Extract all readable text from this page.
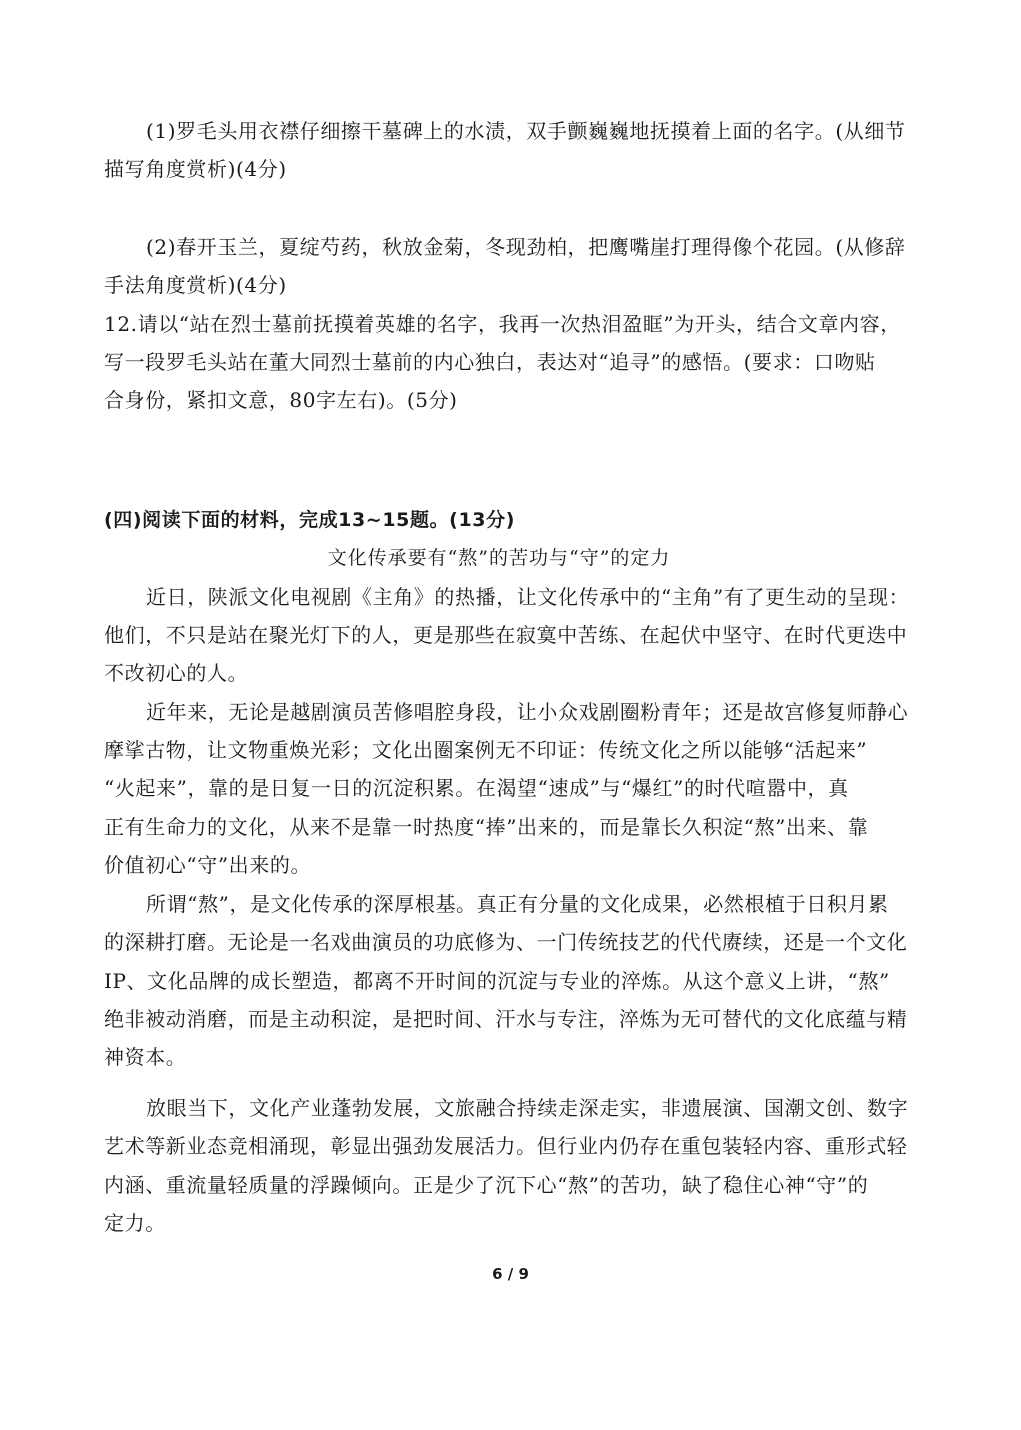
(1)罗毛头用衣襟仔细擦干墓碑上的水渍，双手颤巍巍地抚摸着上面的名字。(从细节
描写角度赏析)(4分)
(2)春开玉兰，夏绽芍药，秋放金菊，冬现劲柏，把鹰嘴崖打理得像个花园。(从修辞
手法角度赏析)(4分)
12.请以“站在烈士墓前抚摸着英雄的名字，我再一次热泪盈眶”为开头，结合文章内容，
写一段罗毛头站在董大同烈士墓前的内心独白，表达对“追寻”的感悟。(要求：口吻贴
合身份，紧扣文意，80字左右)。(5分)
(四)阅读下面的材料，完成13~15题。(13分)
文化传承要有“熬”的苦功与“守”的定力
近日，陕派文化电视剧《主角》的热播，让文化传承中的“主角”有了更生动的呈现：
他们，不只是站在聚光灯下的人，更是那些在寂寞中苦练、在起伏中坚守、在时代更迭中
不改初心的人。
近年来，无论是越剧演员苦修唱腔身段，让小众戏剧圈粉青年；还是故宫修复师静心
摩挲古物，让文物重焕光彩；文化出圈案例无不印证：传统文化之所以能够“活起来”
“火起来”，靠的是日复一日的沉淀积累。在渴望“速成”与“爆红”的时代喧嚣中，真
正有生命力的文化，从来不是靠一时热度“捧”出来的，而是靠长久积淀“熬”出来、靠
价值初心“守”出来的。
所谓“熬”，是文化传承的深厚根基。真正有分量的文化成果，必然根植于日积月累
的深耕打磨。无论是一名戏曲演员的功底修为、一门传统技艺的代代赓续，还是一个文化
IP、文化品牌的成长塑造，都离不开时间的沉淀与专业的淬炼。从这个意义上讲，“熬”
绝非被动消磨，而是主动积淀，是把时间、汗水与专注，淬炼为无可替代的文化底蕴与精
神资本。
放眼当下，文化产业蓬勃发展，文旅融合持续走深走实，非遗展演、国潮文创、数字
艺术等新业态竞相涌现，彰显出强劲发展活力。但行业内仍存在重包装轻内容、重形式轻
内涵、重流量轻质量的浮躁倾向。正是少了沉下心“熬”的苦功，缺了稳住心神“守”的
定力。
6 / 9
